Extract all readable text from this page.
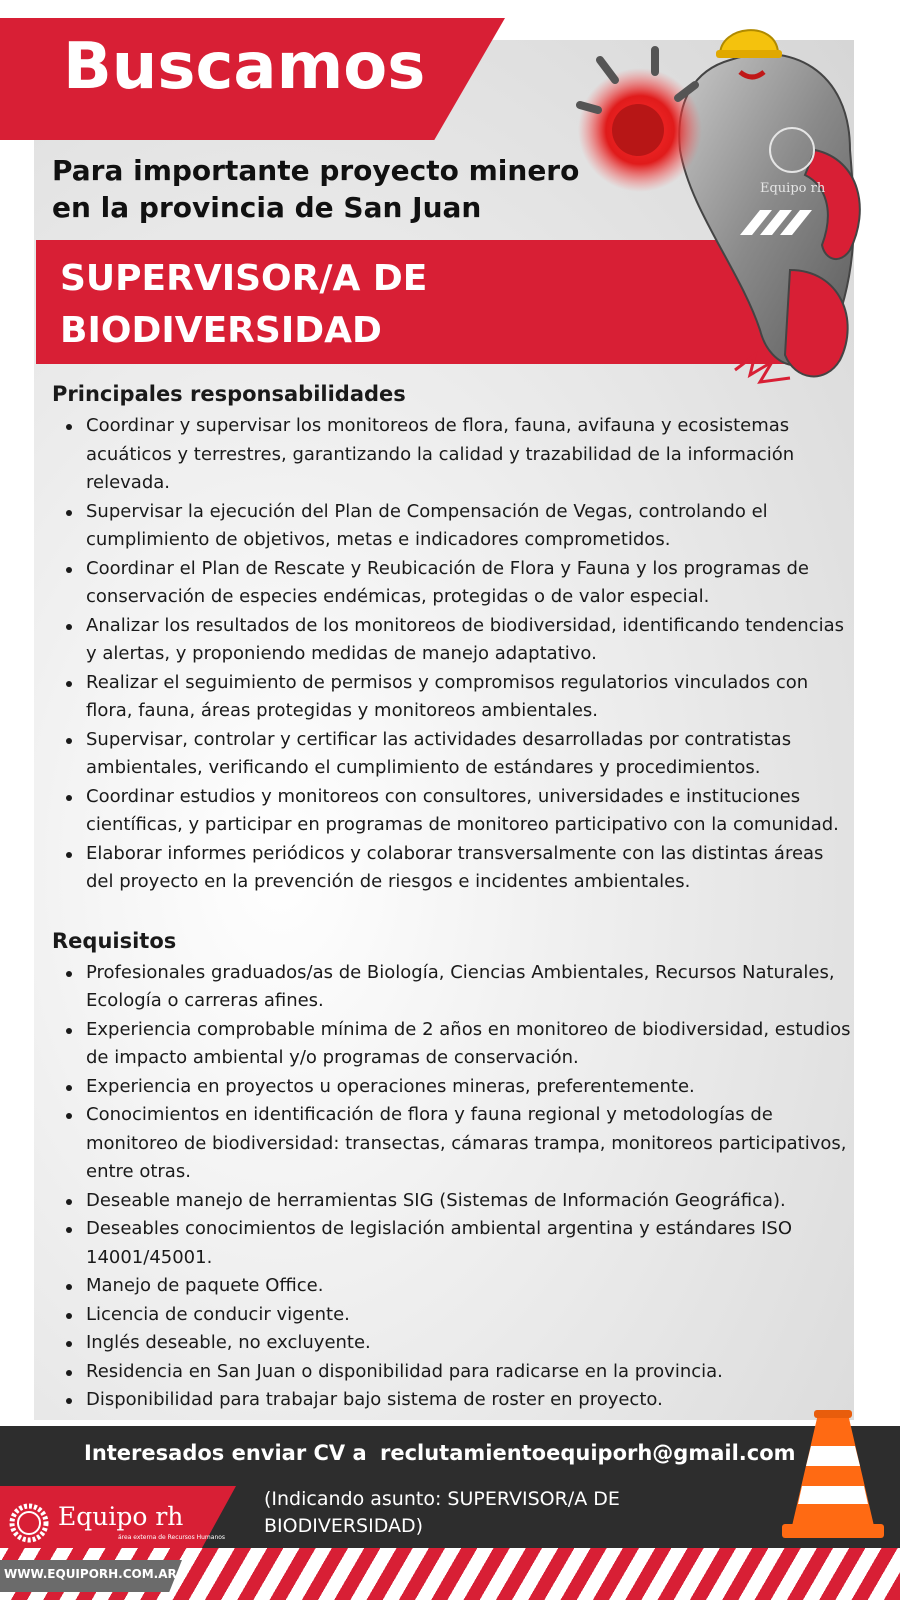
Buscamos
Para importante proyecto minero en la provincia de San Juan
SUPERVISOR/A DE BIODIVERSIDAD
Equipo rh
Principales responsabilidades
Coordinar y supervisar los monitoreos de flora, fauna, avifauna y ecosistemas acuáticos y terrestres, garantizando la calidad y trazabilidad de la información relevada.
Supervisar la ejecución del Plan de Compensación de Vegas, controlando el cumplimiento de objetivos, metas e indicadores comprometidos.
Coordinar el Plan de Rescate y Reubicación de Flora y Fauna y los programas de conservación de especies endémicas, protegidas o de valor especial.
Analizar los resultados de los monitoreos de biodiversidad, identificando tendencias y alertas, y proponiendo medidas de manejo adaptativo.
Realizar el seguimiento de permisos y compromisos regulatorios vinculados con flora, fauna, áreas protegidas y monitoreos ambientales.
Supervisar, controlar y certificar las actividades desarrolladas por contratistas ambientales, verificando el cumplimiento de estándares y procedimientos.
Coordinar estudios y monitoreos con consultores, universidades e instituciones científicas, y participar en programas de monitoreo participativo con la comunidad.
Elaborar informes periódicos y colaborar transversalmente con las distintas áreas del proyecto en la prevención de riesgos e incidentes ambientales.
Requisitos
Profesionales graduados/as de Biología, Ciencias Ambientales, Recursos Naturales, Ecología o carreras afines.
Experiencia comprobable mínima de 2 años en monitoreo de biodiversidad, estudios de impacto ambiental y/o programas de conservación.
Experiencia en proyectos u operaciones mineras, preferentemente.
Conocimientos en identificación de flora y fauna regional y metodologías de monitoreo de biodiversidad: transectas, cámaras trampa, monitoreos participativos, entre otras.
Deseable manejo de herramientas SIG (Sistemas de Información Geográfica).
Deseables conocimientos de legislación ambiental argentina y estándares ISO 14001/45001.
Manejo de paquete Office.
Licencia de conducir vigente.
Inglés deseable, no excluyente.
Residencia en San Juan o disponibilidad para radicarse en la provincia.
Disponibilidad para trabajar bajo sistema de roster en proyecto.
Interesados enviar CV a reclutamientoequiporh@gmail.com
(Indicando asunto: SUPERVISOR/A DE BIODIVERSIDAD)
Equipo rh
área externa de Recursos Humanos
WWW.EQUIPORH.COM.AR
